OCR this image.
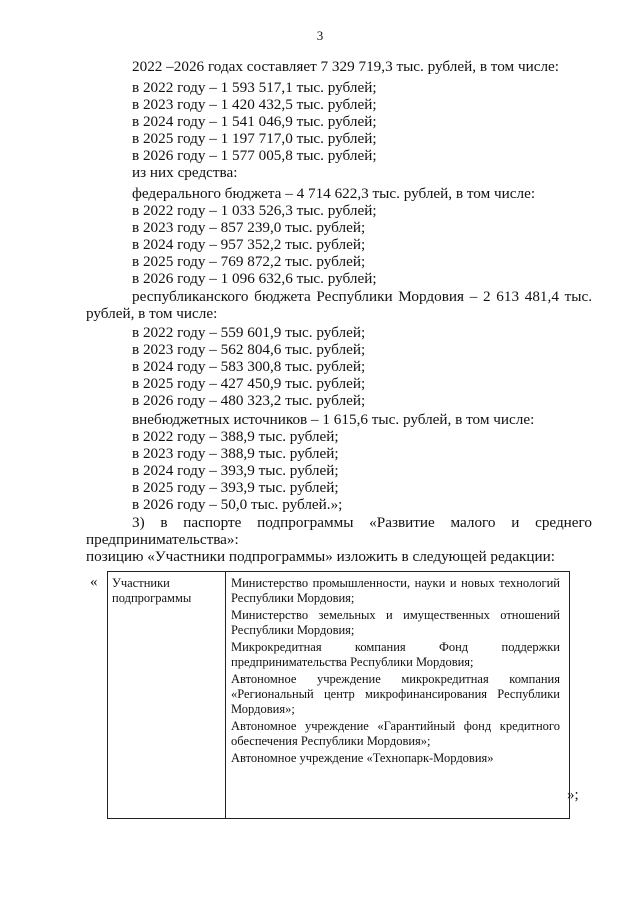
3
2022 –2026 годах составляет 7 329 719,3 тыс. рублей, в том числе:
в 2022 году – 1 593 517,1 тыс. рублей;
в 2023 году – 1 420 432,5 тыс. рублей;
в 2024 году – 1 541 046,9 тыс. рублей;
в 2025 году – 1 197 717,0 тыс. рублей;
в 2026 году – 1 577 005,8 тыс. рублей;
из них средства:
федерального бюджета – 4 714 622,3 тыс. рублей, в том числе:
в 2022 году – 1 033 526,3 тыс. рублей;
в 2023 году – 857 239,0 тыс. рублей;
в 2024 году – 957 352,2 тыс. рублей;
в 2025 году – 769 872,2 тыс. рублей;
в 2026 году – 1 096 632,6 тыс. рублей;
республиканского бюджета Республики Мордовия – 2 613 481,4 тыс.
рублей, в том числе:
в 2022 году – 559 601,9 тыс. рублей;
в 2023 году – 562 804,6 тыс. рублей;
в 2024 году – 583 300,8 тыс. рублей;
в 2025 году – 427 450,9 тыс. рублей;
в 2026 году – 480 323,2 тыс. рублей;
внебюджетных источников – 1 615,6 тыс. рублей, в том числе:
в 2022 году – 388,9 тыс. рублей;
в 2023 году – 388,9 тыс. рублей;
в 2024 году – 393,9 тыс. рублей;
в 2025 году – 393,9 тыс. рублей;
в 2026 году – 50,0 тыс. рублей.»;
3) в паспорте подпрограммы «Развитие малого и среднего
предпринимательства»:
позицию «Участники подпрограммы» изложить в следующей редакции:
« Участники
подпрограммы

Министерство промышленности, науки и новых технологий Республики Мордовия;

Министерство земельных и имущественных отношений Республики Мордовия;

Микрокредитная компания Фонд поддержки предпринимательства Республики Мордовия;

Автономное учреждение микрокредитная компания «Региональный центр микрофинансирования Республики Мордовия»;

Автономное учреждение «Гарантийный фонд кредитного обеспечения Республики Мордовия»;

Автономное учреждение «Технопарк-Мордовия»

»;
